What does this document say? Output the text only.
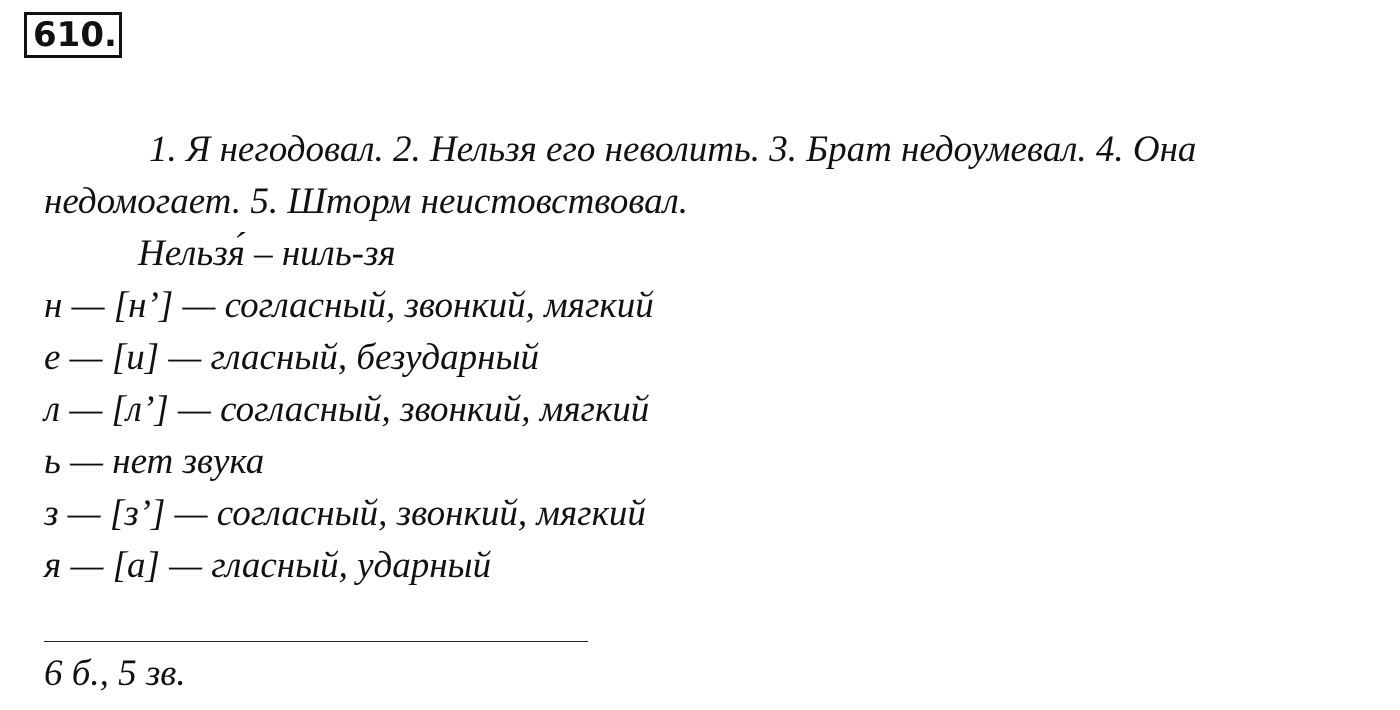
610.
1. Я негодовал. 2. Нельзя его неволить. 3. Брат недоумевал. 4. Она
недомогает. 5. Шторм неистовствовал.
Нельзя́ – ниль-зя
н — [н’] — согласный, звонкий, мягкий
е — [и] — гласный, безударный
л — [л’] — согласный, звонкий, мягкий
ь — нет звука
з — [з’] — согласный, звонкий, мягкий
я — [а] — гласный, ударный
6 б., 5 зв.
